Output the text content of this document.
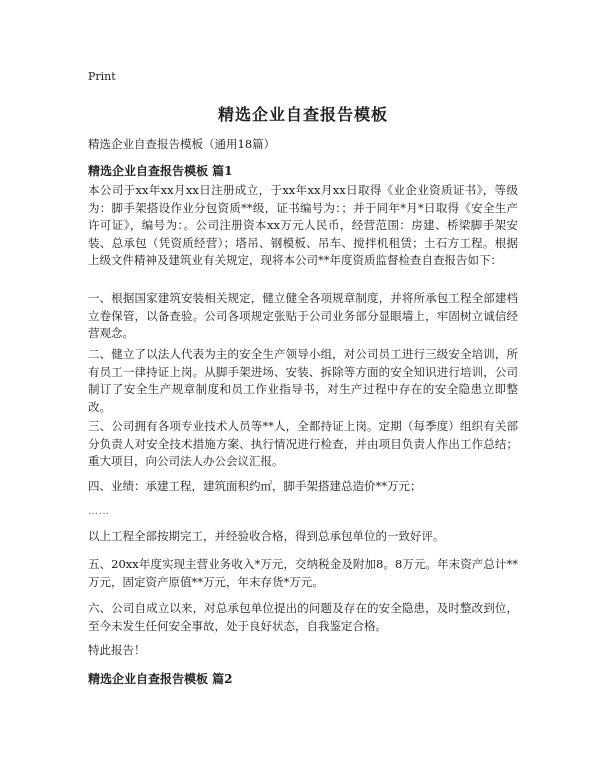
Print
精选企业自查报告模板
精选企业自查报告模板（通用18篇）
精选企业自查报告模板 篇1
本公司于xx年xx月xx日注册成立，于xx年xx月xx日取得《业企业资质证书》，等级为：脚手架搭设作业分包资质**级，证书编号为：；并于同年*月*日取得《安全生产许可证》，编号为：。公司注册资本xx万元人民币，经营范围：房建、桥梁脚手架安装、总承包（凭资质经营）；塔吊、钢模板、吊车、搅拌机租赁；土石方工程。根据上级文件精神及建筑业有关规定，现将本公司**年度资质监督检查自查报告如下：
一、根据国家建筑安装相关规定，健立健全各项规章制度，并将所承包工程全部建档立卷保管，以备查验。公司各项规定张贴于公司业务部分显眼墙上，牢固树立诚信经营观念。
二、健立了以法人代表为主的安全生产领导小组，对公司员工进行三级安全培训，所有员工一律持证上岗。从脚手架进场、安装、拆除等方面的安全知识进行培训，公司制订了安全生产规章制度和员工作业指导书，对生产过程中存在的安全隐患立即整改。
三、公司拥有各项专业技术人员等**人，全都持证上岗。定期（每季度）组织有关部分负责人对安全技术措施方案、执行情况进行检查，并由项目负责人作出工作总结；重大项目，向公司法人办公会议汇报。
四、业绩：承建工程，建筑面积约㎡，脚手架搭建总造价**万元；
……
以上工程全部按期完工，并经验收合格，得到总承包单位的一致好评。
五、20xx年度实现主营业务收入*万元，交纳税金及附加8。8万元。年末资产总计**万元，固定资产原值**万元，年末存货*万元。
六、公司自成立以来，对总承包单位提出的问题及存在的安全隐患，及时整改到位，至今未发生任何安全事故，处于良好状态，自我鉴定合格。
特此报告！
精选企业自查报告模板 篇2
